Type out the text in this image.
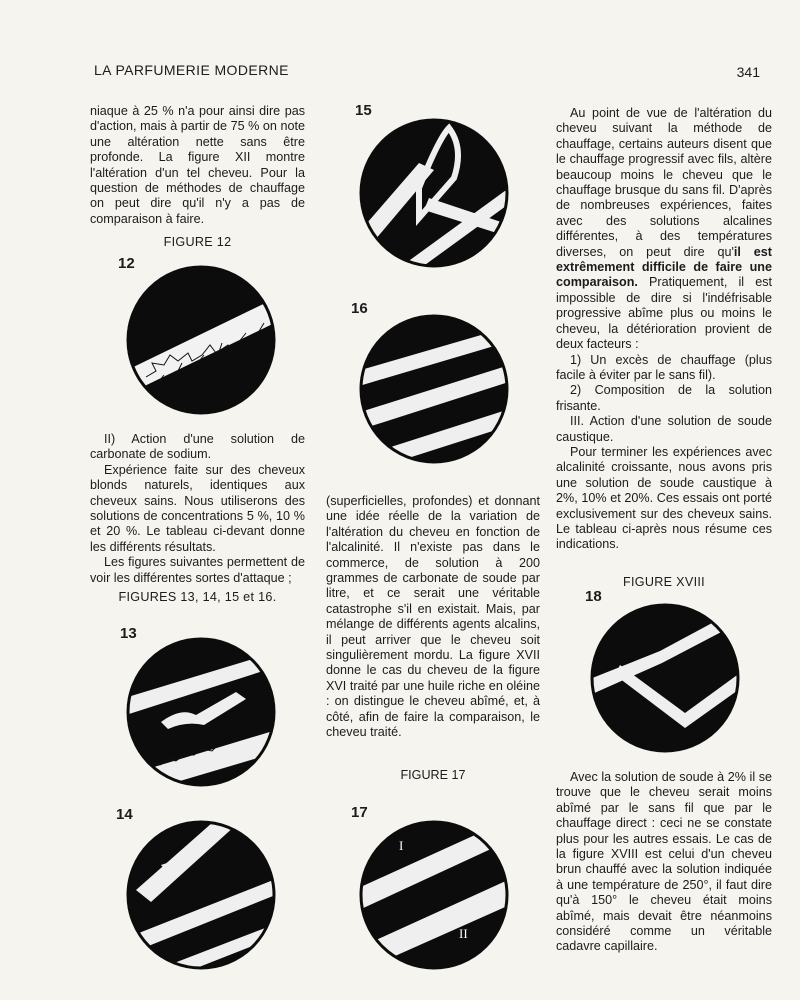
LA PARFUMERIE MODERNE	341

niaque à 25 % n'a pour ainsi dire pas d'action, mais à partir de 75 % on note une altération nette sans être profonde. La figure XII montre l'altération d'un tel cheveu. Pour la question de méthodes de chauffage on peut dire qu'il n'y a pas de comparaison à faire.

FIGURE 12

II) Action d'une solution de carbonate de sodium.

Expérience faite sur des cheveux blonds naturels, identiques aux cheveux sains. Nous utiliserons des solutions de concentrations 5 %, 10 % et 20 %. Le tableau ci-devant donne les différents résultats.

Les figures suivantes permettent de voir les différentes sortes d'attaque ;

FIGURES 13, 14, 15 et 16.

(superficielles, profondes) et donnant une idée réelle de la variation de l'altération du cheveu en fonction de l'alcalinité. Il n'existe pas dans le commerce, de solution à 200 grammes de carbonate de soude par litre, et ce serait une véritable catastrophe s'il en existait. Mais, par mélange de différents agents alcalins, il peut arriver que le cheveu soit singulièrement mordu. La figure XVII donne le cas du cheveu de la figure XVI traité par une huile riche en oléine : on distingue le cheveu abîmé, et, à côté, afin de faire la comparaison, le cheveu traité.

FIGURE 17

Au point de vue de l'altération du cheveu suivant la méthode de chauffage, certains auteurs disent que le chauffage progressif avec fils, altère beaucoup moins le cheveu que le chauffage brusque du sans fil. D'après de nombreuses expériences, faites avec des solutions alcalines différentes, à des températures diverses, on peut dire qu'il est extrêmement difficile de faire une comparaison. Pratiquement, il est impossible de dire si l'indéfrisable progressive abîme plus ou moins le cheveu, la détérioration provient de deux facteurs :

1) Un excès de chauffage (plus facile à éviter par le sans fil).

2) Composition de la solution frisante.

III. Action d'une solution de soude caustique.

Pour terminer les expériences avec alcalinité croissante, nous avons pris une solution de soude caustique à 2%, 10% et 20%. Ces essais ont porté exclusivement sur des cheveux sains. Le tableau ci-après nous résume ces indications.

FIGURE XVIII

Avec la solution de soude à 2% il se trouve que le cheveu serait moins abîmé par le sans fil que par le chauffage direct : ceci ne se constate plus pour les autres essais. Le cas de la figure XVIII est celui d'un cheveu brun chauffé avec la solution indiquée à une température de 250°, il faut dire qu'à 150° le cheveu était moins abîmé, mais devait être néanmoins considéré comme un véritable cadavre capillaire.

12
13
14
15
16
17
I
II
18
